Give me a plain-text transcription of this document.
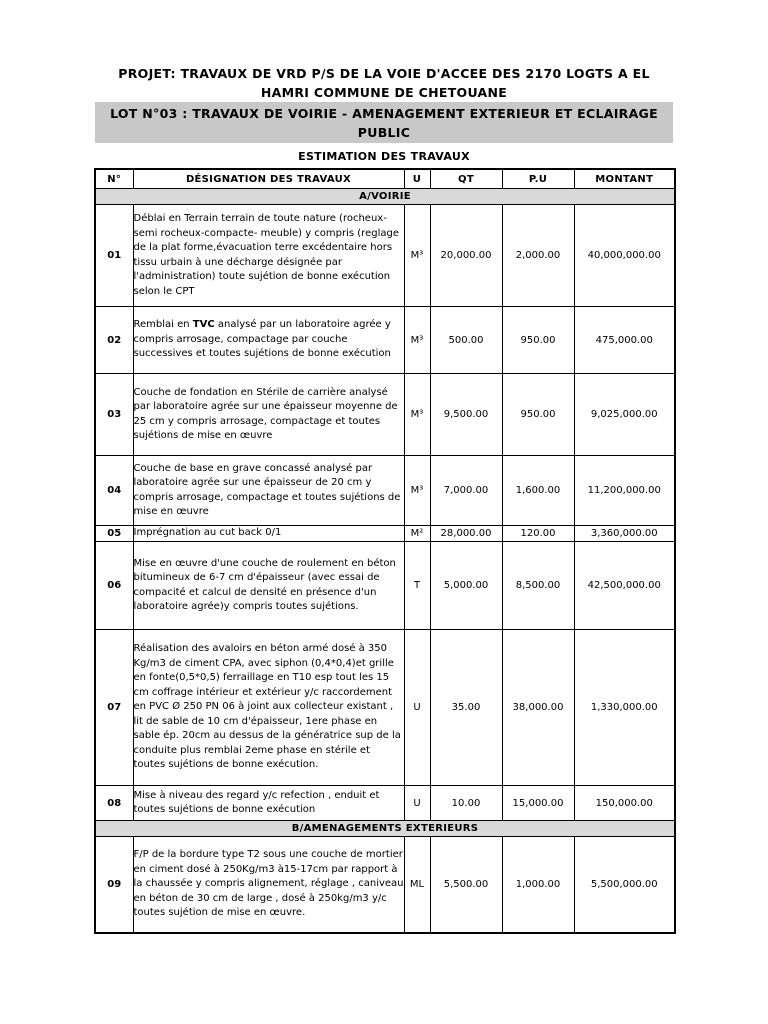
PROJET: TRAVAUX DE VRD P/S DE LA VOIE D'ACCEE DES 2170 LOGTS A EL
HAMRI COMMUNE DE CHETOUANE
LOT N°03 : TRAVAUX DE VOIRIE - AMENAGEMENT EXTERIEUR ET ECLAIRAGE
PUBLIC
ESTIMATION DES TRAVAUX
N°	DÉSIGNATION DES TRAVAUX	U	QT	P.U	MONTANT
A/VOIRIE					
01	Déblai en Terrain terrain de toute nature (rocheux- semi rocheux-compacte- meuble) y compris (reglage de la plat forme,évacuation terre excédentaire hors tissu urbain à une décharge désignée par l'administration) toute sujétion de bonne exécution selon le CPT	M³	20,000.00	2,000.00	40,000,000.00
02	Remblai en TVC analysé par un laboratoire agrée y compris arrosage, compactage par couche successives et toutes sujétions de bonne exécution	M³	500.00	950.00	475,000.00
03	Couche de fondation en Stérile de carrière analysé par laboratoire agrée sur une épaisseur moyenne de 25 cm y compris arrosage, compactage et toutes sujétions de mise en œuvre	M³	9,500.00	950.00	9,025,000.00
04	Couche de base en grave concassé analysé par laboratoire agrée sur une épaisseur de 20 cm y compris arrosage, compactage et toutes sujétions de mise en œuvre	M³	7,000.00	1,600.00	11,200,000.00
05	Imprégnation au cut back 0/1	M²	28,000.00	120.00	3,360,000.00
06	Mise en œuvre d'une couche de roulement en béton bitumineux de 6-7 cm d'épaisseur (avec essai de compacité et calcul de densité en présence d'un laboratoire agrée)y compris toutes sujétions.	T	5,000.00	8,500.00	42,500,000.00
07	Réalisation des avaloirs en béton armé dosé à 350 Kg/m3 de ciment CPA, avec siphon (0,4*0,4)et grille en fonte(0,5*0,5) ferraillage en T10 esp tout les 15 cm coffrage intérieur et extérieur y/c raccordement en PVC Ø 250 PN 06 à joint aux collecteur existant , lit de sable de 10 cm d'épaisseur, 1ere phase en sable ép. 20cm au dessus de la génératrice sup de la conduite plus remblai 2eme phase en stérile et toutes sujétions de bonne exécution.	U	35.00	38,000.00	1,330,000.00
08	Mise à niveau des regard y/c refection , enduit et toutes sujétions de bonne exécution	U	10.00	15,000.00	150,000.00
B/AMENAGEMENTS EXTERIEURS					
09	F/P de la bordure type T2 sous une couche de mortier en ciment dosé à 250Kg/m3 à15-17cm par rapport à la chaussée y compris alignement, réglage , caniveau en béton de 30 cm de large , dosé à 250kg/m3 y/c toutes sujétion de mise en œuvre.	ML	5,500.00	1,000.00	5,500,000.00
